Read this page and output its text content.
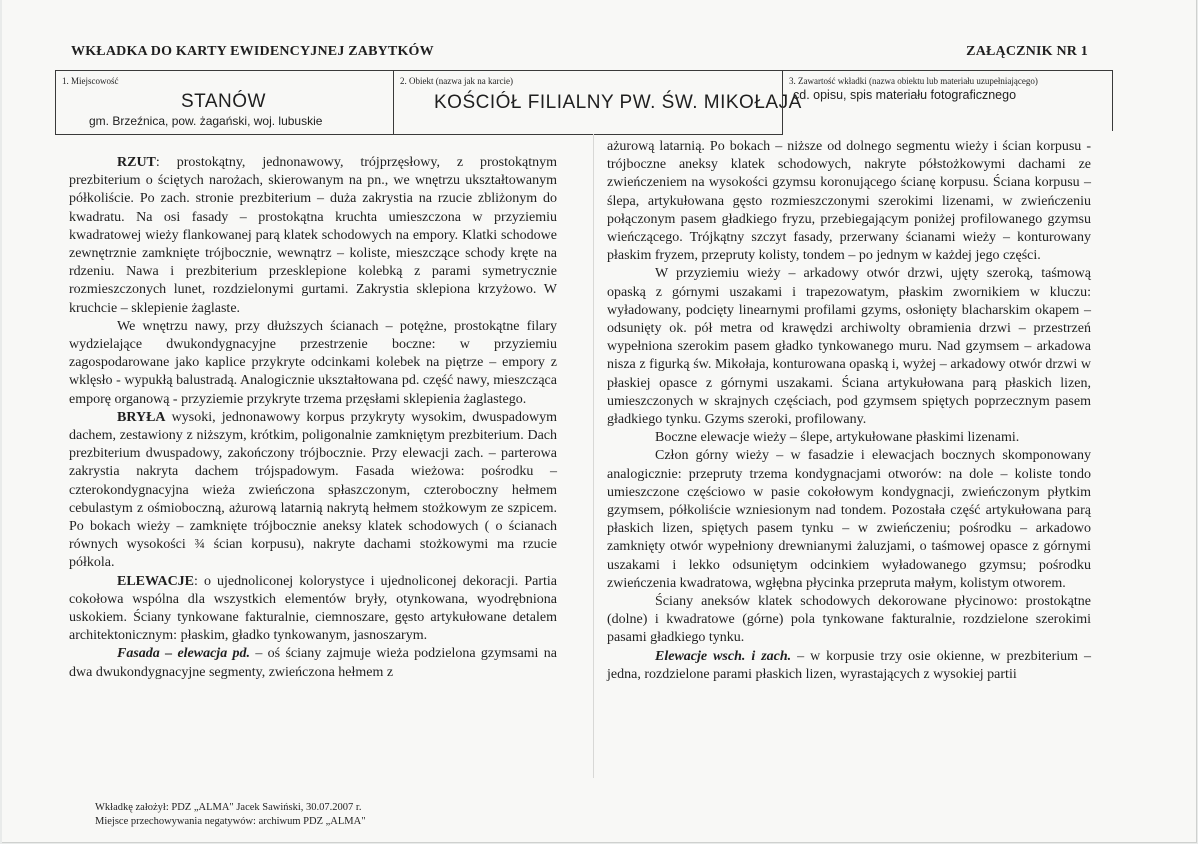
WKŁADKA DO KARTY EWIDENCYJNEJ ZABYTKÓW	ZAŁĄCZNIK NR 1
1. Miejscowość
STANÓW
gm. Brzeźnica, pow. żagański, woj. lubuskie
2. Obiekt (nazwa jak na karcie)
KOŚCIÓŁ FILIALNY PW. ŚW. MIKOŁAJA
3. Zawartość wkładki (nazwa obiektu lub materiału uzupełniającego)
cd. opisu, spis materiału fotograficznego

RZUT: prostokątny, jednonawowy, trójprzęsłowy, z prostokątnym prezbiterium o ściętych narożach, skierowanym na pn., we wnętrzu ukształtowanym półkoliście. Po zach. stronie prezbiterium – duża zakrystia na rzucie zbliżonym do kwadratu. Na osi fasady – prostokątna kruchta umieszczona w przyziemiu kwadratowej wieży flankowanej parą klatek schodowych na empory. Klatki schodowe zewnętrznie zamknięte trójbocznie, wewnątrz – koliste, mieszczące schody kręte na rdzeniu. Nawa i prezbiterium przesklepione kolebką z parami symetrycznie rozmieszczonych lunet, rozdzielonymi gurtami. Zakrystia sklepiona krzyżowo. W kruchcie – sklepienie żaglaste.

We wnętrzu nawy, przy dłuższych ścianach – potężne, prostokątne filary wydzielające dwukondygnacyjne przestrzenie boczne: w przyziemiu zagospodarowane jako kaplice przykryte odcinkami kolebek na piętrze – empory z wklęsło - wypukłą balustradą. Analogicznie ukształtowana pd. część nawy, mieszcząca emporę organową - przyziemie przykryte trzema przęsłami sklepienia żaglastego.

BRYŁA wysoki, jednonawowy korpus przykryty wysokim, dwuspadowym dachem, zestawiony z niższym, krótkim, poligonalnie zamkniętym prezbiterium. Dach prezbiterium dwuspadowy, zakończony trójbocznie. Przy elewacji zach. – parterowa zakrystia nakryta dachem trójspadowym. Fasada wieżowa: pośrodku – czterokondygnacyjna wieża zwieńczona spłaszczonym, czteroboczny hełmem cebulastym z ośmioboczną, ażurową latarnią nakrytą hełmem stożkowym ze szpicem. Po bokach wieży – zamknięte trójbocznie aneksy klatek schodowych ( o ścianach równych wysokości ¾ ścian korpusu), nakryte dachami stożkowymi ma rzucie półkola.

ELEWACJE: o ujednoliconej kolorystyce i ujednoliconej dekoracji. Partia cokołowa wspólna dla wszystkich elementów bryły, otynkowana, wyodrębniona uskokiem. Ściany tynkowane fakturalnie, ciemnoszare, gęsto artykułowane detalem architektonicznym: płaskim, gładko tynkowanym, jasnoszarym.

Fasada – elewacja pd. – oś ściany zajmuje wieża podzielona gzymsami na dwa dwukondygnacyjne segmenty, zwieńczona hełmem z

ażurową latarnią. Po bokach – niższe od dolnego segmentu wieży i ścian korpusu - trójboczne aneksy klatek schodowych, nakryte półstożkowymi dachami ze zwieńczeniem na wysokości gzymsu koronującego ścianę korpusu. Ściana korpusu – ślepa, artykułowana gęsto rozmieszczonymi szerokimi lizenami, w zwieńczeniu połączonym pasem gładkiego fryzu, przebiegającym poniżej profilowanego gzymsu wieńczącego. Trójkątny szczyt fasady, przerwany ścianami wieży – konturowany płaskim fryzem, przepruty kolisty, tondem – po jednym w każdej jego części.

W przyziemiu wieży – arkadowy otwór drzwi, ujęty szeroką, taśmową opaską z górnymi uszakami i trapezowatym, płaskim zwornikiem w kluczu: wyładowany, podcięty linearnymi profilami gzyms, osłonięty blacharskim okapem – odsunięty ok. pół metra od krawędzi archiwolty obramienia drzwi – przestrzeń wypełniona szerokim pasem gładko tynkowanego muru. Nad gzymsem – arkadowa nisza z figurką św. Mikołaja, konturowana opaską i, wyżej – arkadowy otwór drzwi w płaskiej opasce z górnymi uszakami. Ściana artykułowana parą płaskich lizen, umieszczonych w skrajnych częściach, pod gzymsem spiętych poprzecznym pasem gładkiego tynku. Gzyms szeroki, profilowany.

Boczne elewacje wieży – ślepe, artykułowane płaskimi lizenami.

Człon górny wieży – w fasadzie i elewacjach bocznych skomponowany analogicznie: przepruty trzema kondygnacjami otworów: na dole – koliste tondo umieszczone częściowo w pasie cokołowym kondygnacji, zwieńczonym płytkim gzymsem, półkoliście wzniesionym nad tondem. Pozostała część artykułowana parą płaskich lizen, spiętych pasem tynku – w zwieńczeniu; pośrodku – arkadowo zamknięty otwór wypełniony drewnianymi żaluzjami, o taśmowej opasce z górnymi uszakami i lekko odsuniętym odcinkiem wyładowanego gzymsu; pośrodku zwieńczenia kwadratowa, wgłębna płycinka przepruta małym, kolistym otworem.

Ściany aneksów klatek schodowych dekorowane płycinowo: prostokątne (dolne) i kwadratowe (górne) pola tynkowane fakturalnie, rozdzielone szerokimi pasami gładkiego tynku.

Elewacje wsch. i zach. – w korpusie trzy osie okienne, w prezbiterium – jedna, rozdzielone parami płaskich lizen, wyrastających z wysokiej partii

Wkładkę założył: PDZ „ALMA" Jacek Sawiński, 30.07.2007 r.
Miejsce przechowywania negatywów: archiwum PDZ „ALMA"
